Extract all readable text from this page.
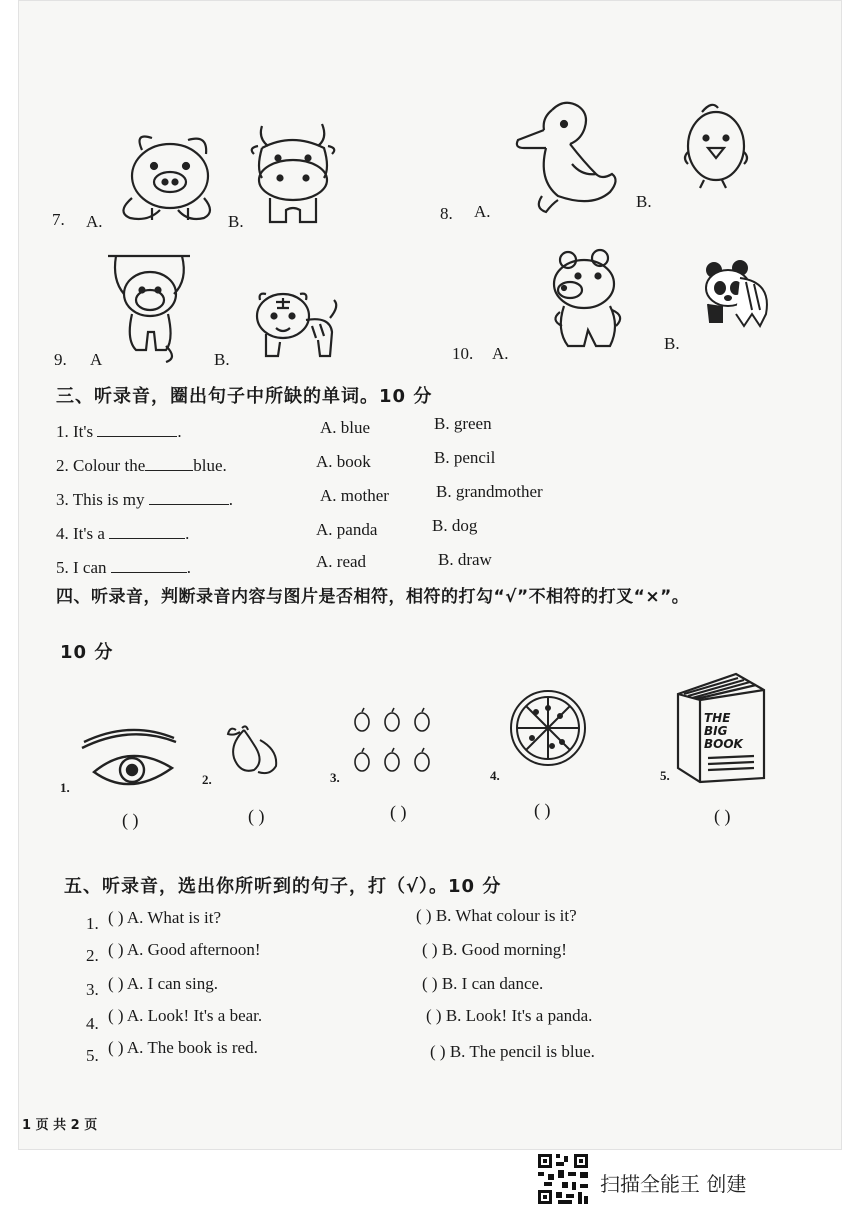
7. A.	B.	8. A.
B.
9. A	B.	10. A.
B.
三、听录音，圈出句子中所缺的单词。10 分
1. It's	.	A. blue	B. green
2. Colour the	blue.	A. book	B. pencil
3. This is my	.	A. mother	B. grandmother
4. It's a	.	A. panda	B. dog
5. I can	.	A. read	B. draw
四、听录音，判断录音内容与图片是否相符，相符的打勾“√”不相符的打叉“×”。
10 分
1.
( )
2.
( )
3.
( )
4.
( )
5.
THE
BIG
BOOK
( )
五、听录音，选出你所听到的句子，打（√）。10 分
1. ( ) A. What is it?	( ) B. What colour is it?
2. ( ) A. Good afternoon!	( ) B. Good morning!
3. ( ) A. I can sing.	( ) B. I can dance.
4. ( ) A. Look! It's a bear.	( ) B. Look! It's a panda.
5. ( ) A. The book is red.	( ) B. The pencil is blue.
1 页 共 2 页
扫描全能王 创建
